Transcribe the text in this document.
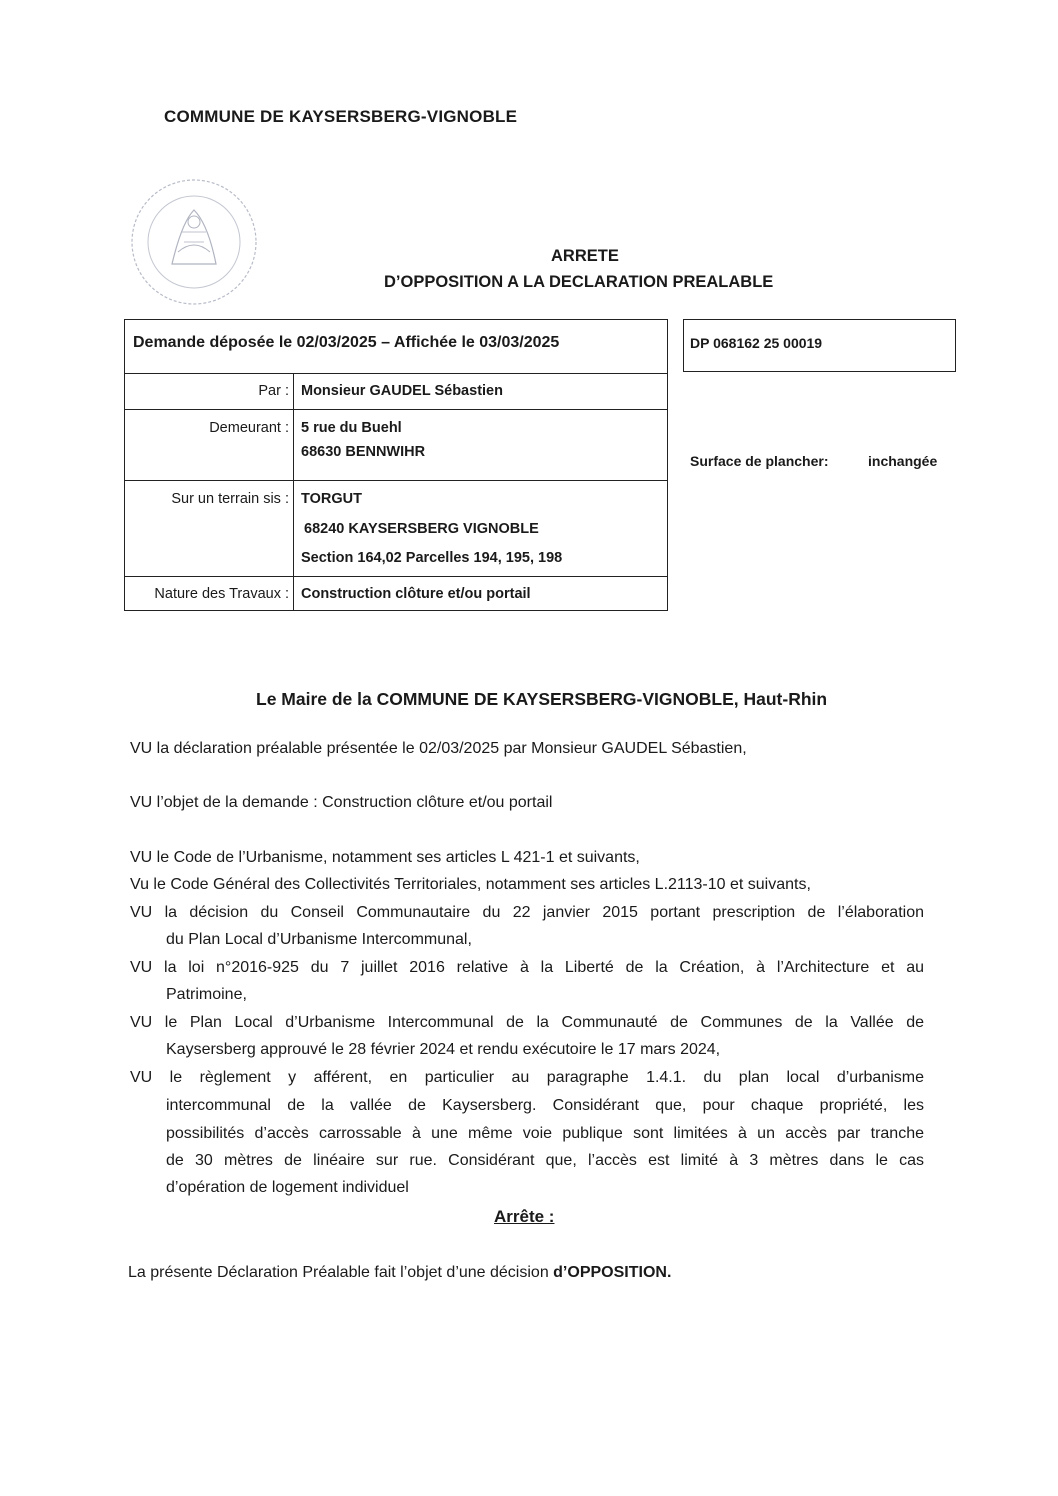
COMMUNE DE KAYSERSBERG-VIGNOBLE
ARRETE
D’OPPOSITION A LA DECLARATION PREALABLE
Demande déposée le 02/03/2025 – Affichée le 03/03/2025
Par : Monsieur GAUDEL Sébastien
Demeurant : 5 rue du Buehl
68630 BENNWIHR
Sur un terrain sis : TORGUT
68240 KAYSERSBERG VIGNOBLE
Section 164,02 Parcelles 194, 195, 198
Nature des Travaux : Construction clôture et/ou portail
DP 068162 25 00019
Surface de plancher:	inchangée
Le Maire de la COMMUNE DE KAYSERSBERG-VIGNOBLE, Haut-Rhin
VU la déclaration préalable présentée le 02/03/2025 par Monsieur GAUDEL Sébastien,
VU l’objet de la demande : Construction clôture et/ou portail
VU le Code de l’Urbanisme, notamment ses articles L 421-1 et suivants,
Vu le Code Général des Collectivités Territoriales, notamment ses articles L.2113-10 et suivants,
VU la décision du Conseil Communautaire du 22 janvier 2015 portant prescription de l’élaboration
du Plan Local d’Urbanisme Intercommunal,
VU la loi n°2016-925 du 7 juillet 2016 relative à la Liberté de la Création, à l’Architecture et au
Patrimoine,
VU le Plan Local d’Urbanisme Intercommunal de la Communauté de Communes de la Vallée de
Kaysersberg approuvé le 28 février 2024 et rendu exécutoire le 17 mars 2024,
VU le règlement y afférent, en particulier au paragraphe 1.4.1. du plan local d’urbanisme
intercommunal de la vallée de Kaysersberg. Considérant que, pour chaque propriété, les
possibilités d’accès carrossable à une même voie publique sont limitées à un accès par tranche
de 30 mètres de linéaire sur rue. Considérant que, l’accès est limité à 3 mètres dans le cas
d’opération de logement individuel
Arrête :
La présente Déclaration Préalable fait l’objet d’une décision d’OPPOSITION.
